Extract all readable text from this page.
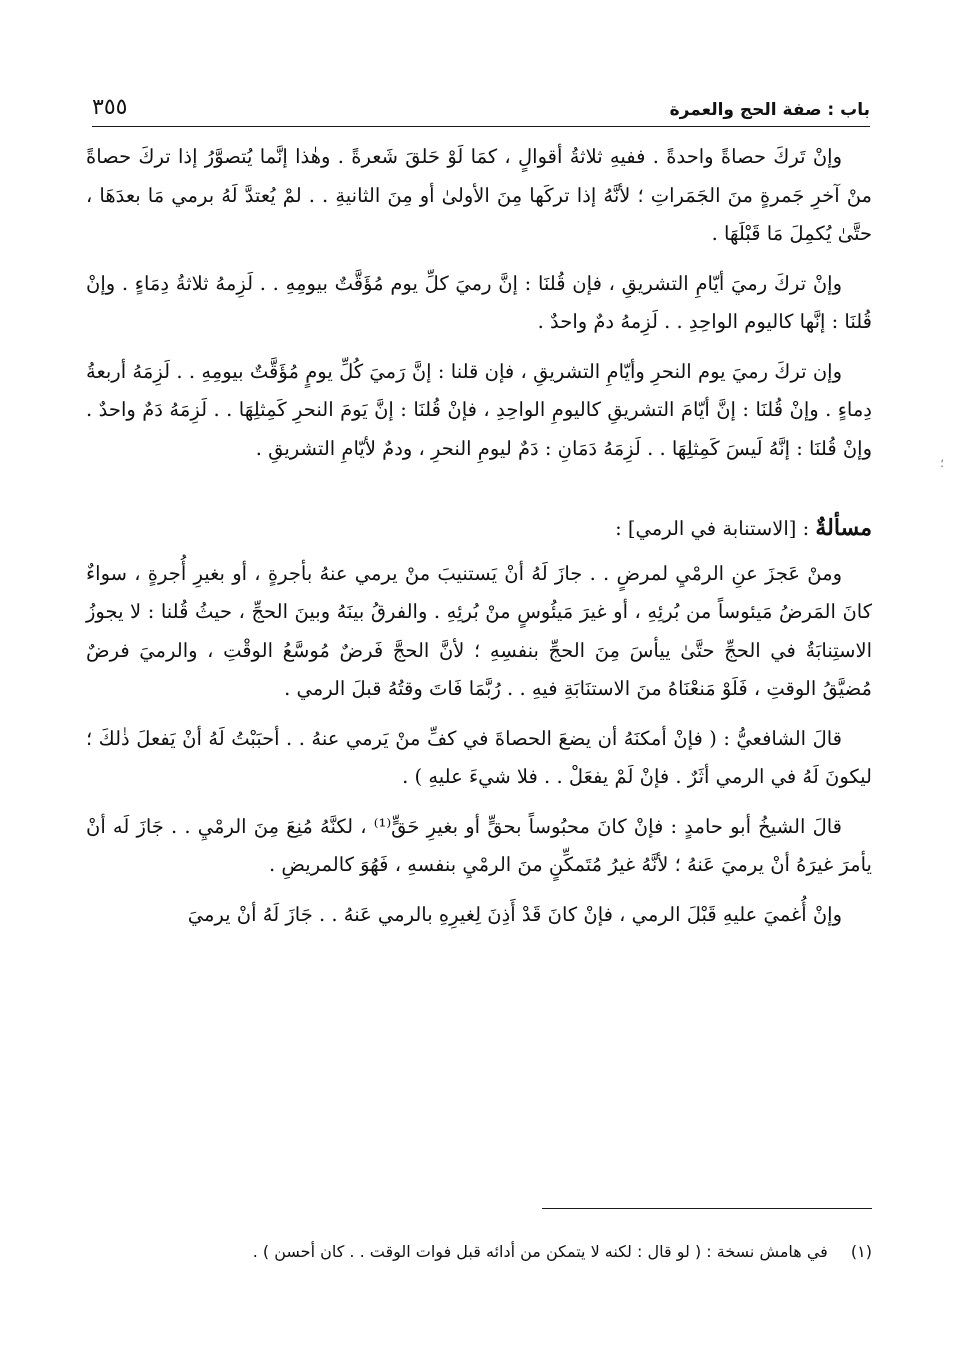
باب : صفة الحج والعمرة
٣٥٥
؛

وإنْ تَركَ حصاةً واحدةً . ففيهِ ثلاثةُ أقوالٍ ، كمَا لَوْ حَلقَ شَعرةً . وهٰذا إنَّما يُتصوَّرُ إذا تركَ حصاةً منْ آخرِ جَمرةٍ منَ الجَمَراتِ ؛ لأنَّهُ إذا تركَها مِنَ الأولىٰ أو مِنَ الثانيةِ . . لمْ يُعتدَّ لَهُ برمي مَا بعدَهَا ، حتَّىٰ يُكمِلَ مَا قَبْلَهَا .

وإنْ تركَ رميَ أيّامِ التشريقِ ، فإن قُلنَا : إنَّ رميَ كلِّ يوم مُؤَقَّتٌ بيومِهِ . . لَزِمهُ ثلاثةُ دِمَاءٍ . وإنْ قُلنَا : إنَّها كاليوم الواحِدِ . . لَزِمهُ دمٌ واحدٌ .

وإن تركَ رميَ يوم النحرِ وأيّامِ التشريقِ ، فإن قلنا : إنَّ رَميَ كُلِّ يومٍ مُؤَقَّتٌ بيومِهِ . . لَزِمَهُ أربعةُ دِماءٍ . وإنْ قُلنَا : إنَّ أيّامَ التشريقِ كاليومِ الواحِدِ ، فإنْ قُلنَا : إنَّ يَومَ النحرِ كَمِثلِهَا . . لَزِمَهُ دَمٌ واحدٌ . وإنْ قُلنَا : إنَّهُ لَيسَ كَمِثلِهَا . . لَزِمَهُ دَمَانِ : دَمٌ ليومِ النحرِ ، ودمٌ لأيّامِ التشريقِ .

مسألةٌ : [الاستنابة في الرمي] :

ومنْ عَجزَ عنِ الرمْيِ لمرضٍ . . جازَ لَهُ أنْ يَستنيبَ منْ يرمي عنهُ بأجرةٍ ، أو بغيرِ أُجرةٍ ، سواءٌ كانَ المَرضُ مَيئوساً من بُرئِهِ ، أو غيرَ مَيئُوسٍ منْ بُرئِهِ . والفرقُ بينَهُ وبينَ الحجِّ ، حيثُ قُلنا : لا يجوزُ الاستِنابَةُ في الحجِّ حتَّىٰ ييأسَ مِنَ الحجِّ بنفسِهِ ؛ لأنَّ الحجَّ فَرضٌ مُوسَّعُ الوقْتِ ، والرميَ فرضٌ مُضيَّقُ الوقتِ ، فَلَوْ مَنعْنَاهُ منَ الاستنَابَةِ فيهِ . . رُبَّمَا فَاتَ وقتُهُ قبلَ الرمي .

قالَ الشافعيُّ : ( فإنْ أمكنَهُ أن يضعَ الحصاةَ في كفِّ منْ يَرمي عنهُ . . أحبَبْتُ لَهُ أنْ يَفعلَ ذٰلكَ ؛ ليكونَ لَهُ في الرمي أثَرٌ . فإنْ لَمْ يفعَلْ . . فلا شيءَ عليهِ ) .

قالَ الشيخُ أبو حامدٍ : فإنْ كانَ محبُوساً بحقٍّ أو بغيرِ حَقٍّ⁽¹⁾ ، لكنَّهُ مُنِعَ مِنَ الرمْيِ . . جَازَ لَه أنْ يأمرَ غيرَهُ أنْ يرميَ عَنهُ ؛ لأنَّهُ غيرُ مُتَمكِّنٍ منَ الرمْيِ بنفسهِ ، فَهُوَ كالمريضِ .

وإنْ أُغميَ عليهِ قَبْلَ الرمي ، فإنْ كانَ قَدْ أَذِنَ لِغيرِهِ بالرمي عَنهُ . . جَازَ لَهُ أنْ يرميَ

(١) في هامش نسخة : ( لو قال : لكنه لا يتمكن من أدائه قبل فوات الوقت . . كان أحسن ) .
